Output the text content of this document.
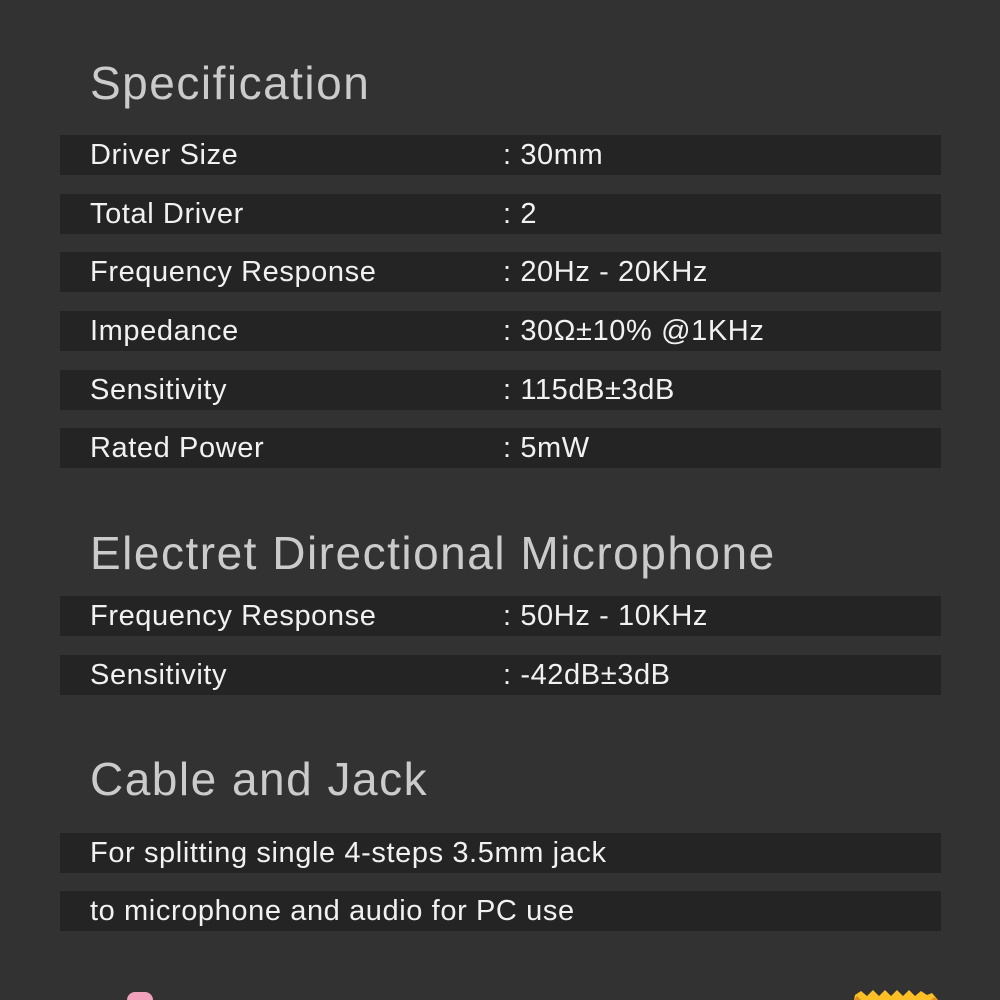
Specification
Driver Size	: 30mm
Total Driver	: 2
Frequency Response	: 20Hz - 20KHz
Impedance	: 30Ω±10% @1KHz
Sensitivity	: 115dB±3dB
Rated Power	: 5mW
Electret Directional Microphone
Frequency Response	: 50Hz - 10KHz
Sensitivity	: -42dB±3dB
Cable and Jack
For splitting single 4-steps 3.5mm jack
to microphone and audio for PC use
